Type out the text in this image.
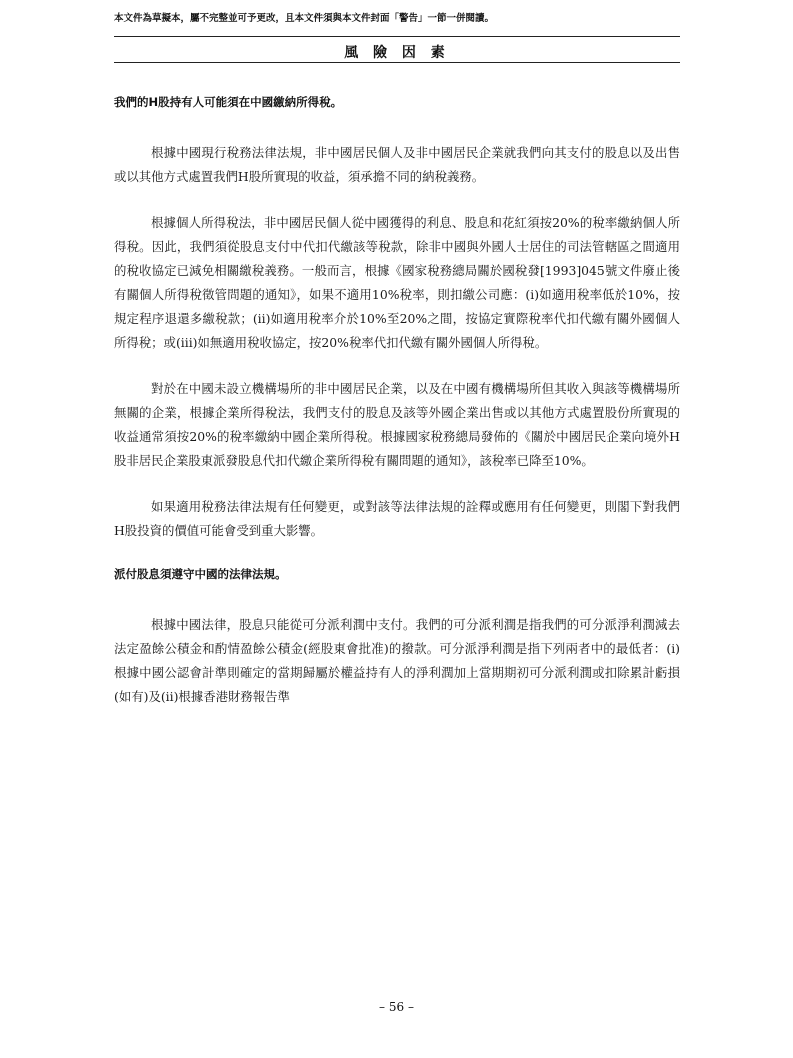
本文件為草擬本，屬不完整並可予更改，且本文件須與本文件封面「警告」一節一併閱讀。
風 險 因 素
我們的H股持有人可能須在中國繳納所得稅。

根據中國現行稅務法律法規，非中國居民個人及非中國居民企業就我們向其支付的股息以及出售或以其他方式處置我們H股所實現的收益，須承擔不同的納稅義務。

根據個人所得稅法，非中國居民個人從中國獲得的利息、股息和花紅須按20%的稅率繳納個人所得稅。因此，我們須從股息支付中代扣代繳該等稅款，除非中國與外國人士居住的司法管轄區之間適用的稅收協定已減免相關繳稅義務。一般而言，根據《國家稅務總局關於國稅發[1993]045號文件廢止後有關個人所得稅徵管問題的通知》，如果不適用10%稅率，則扣繳公司應：(i)如適用稅率低於10%，按規定程序退還多繳稅款；(ii)如適用稅率介於10%至20%之間，按協定實際稅率代扣代繳有關外國個人所得稅；或(iii)如無適用稅收協定，按20%稅率代扣代繳有關外國個人所得稅。

對於在中國未設立機構場所的非中國居民企業，以及在中國有機構場所但其收入與該等機構場所無關的企業，根據企業所得稅法，我們支付的股息及該等外國企業出售或以其他方式處置股份所實現的收益通常須按20%的稅率繳納中國企業所得稅。根據國家稅務總局發佈的《關於中國居民企業向境外H股非居民企業股東派發股息代扣代繳企業所得稅有關問題的通知》，該稅率已降至10%。

如果適用稅務法律法規有任何變更，或對該等法律法規的詮釋或應用有任何變更，則閣下對我們H股投資的價值可能會受到重大影響。

派付股息須遵守中國的法律法規。

根據中國法律，股息只能從可分派利潤中支付。我們的可分派利潤是指我們的可分派淨利潤減去法定盈餘公積金和酌情盈餘公積金(經股東會批准)的撥款。可分派淨利潤是指下列兩者中的最低者：(i)根據中國公認會計準則確定的當期歸屬於權益持有人的淨利潤加上當期期初可分派利潤或扣除累計虧損(如有)及(ii)根據香港財務報告準

– 56 –
